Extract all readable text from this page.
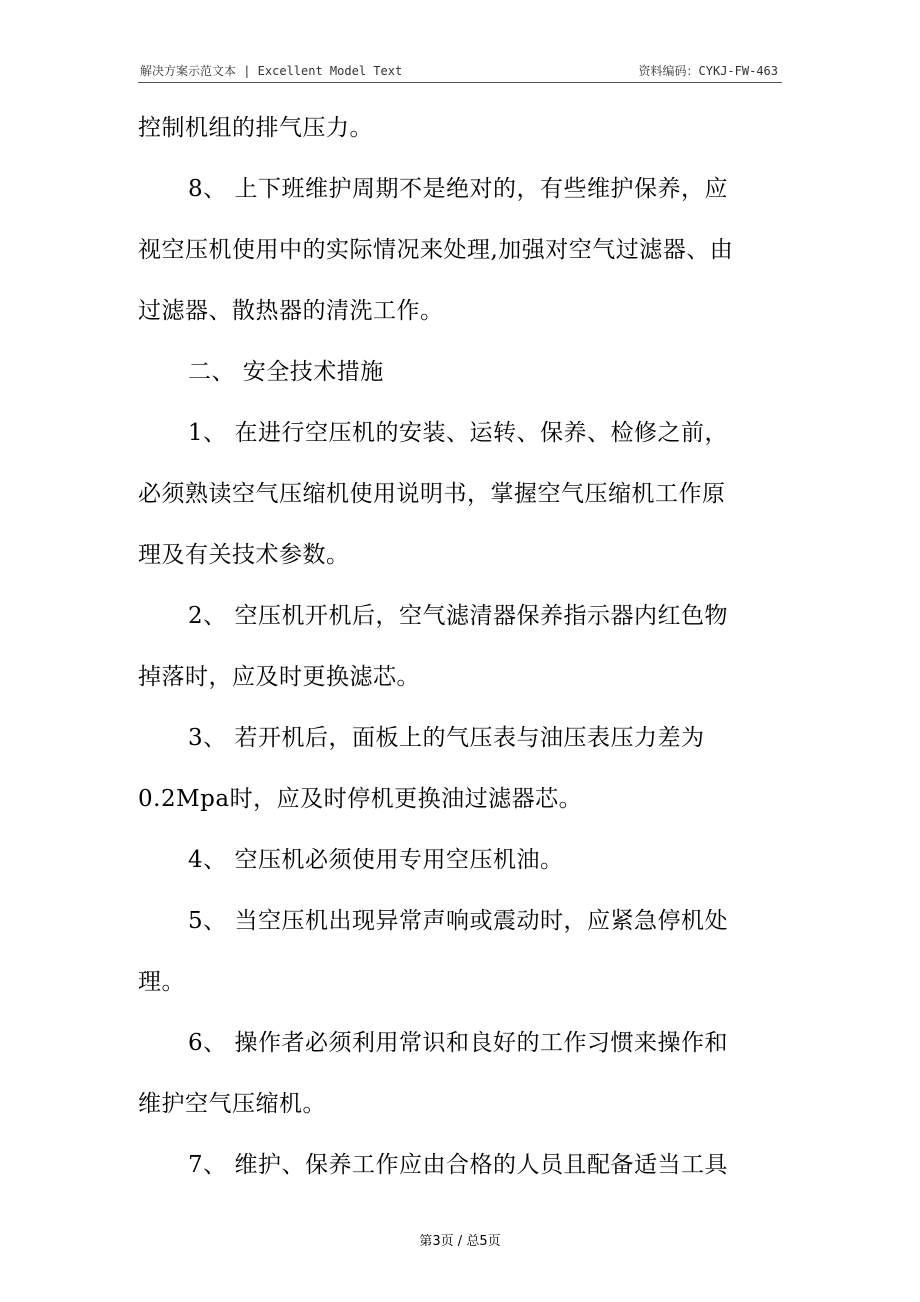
解决方案示范文本 | Excellent Model Text	资料编码：CYKJ-FW-463
控制机组的排气压力。
8、 上下班维护周期不是绝对的，有些维护保养，应
视空压机使用中的实际情况来处理,加强对空气过滤器、由
过滤器、散热器的清洗工作。
二、 安全技术措施
1、 在进行空压机的安装、运转、保养、检修之前，
必须熟读空气压缩机使用说明书，掌握空气压缩机工作原
理及有关技术参数。
2、 空压机开机后，空气滤清器保养指示器内红色物
掉落时，应及时更换滤芯。
3、 若开机后，面板上的气压表与油压表压力差为
0.2Mpa时，应及时停机更换油过滤器芯。
4、 空压机必须使用专用空压机油。
5、 当空压机出现异常声响或震动时，应紧急停机处
理。
6、 操作者必须利用常识和良好的工作习惯来操作和
维护空气压缩机。
7、 维护、保养工作应由合格的人员且配备适当工具
第3页 / 总5页
